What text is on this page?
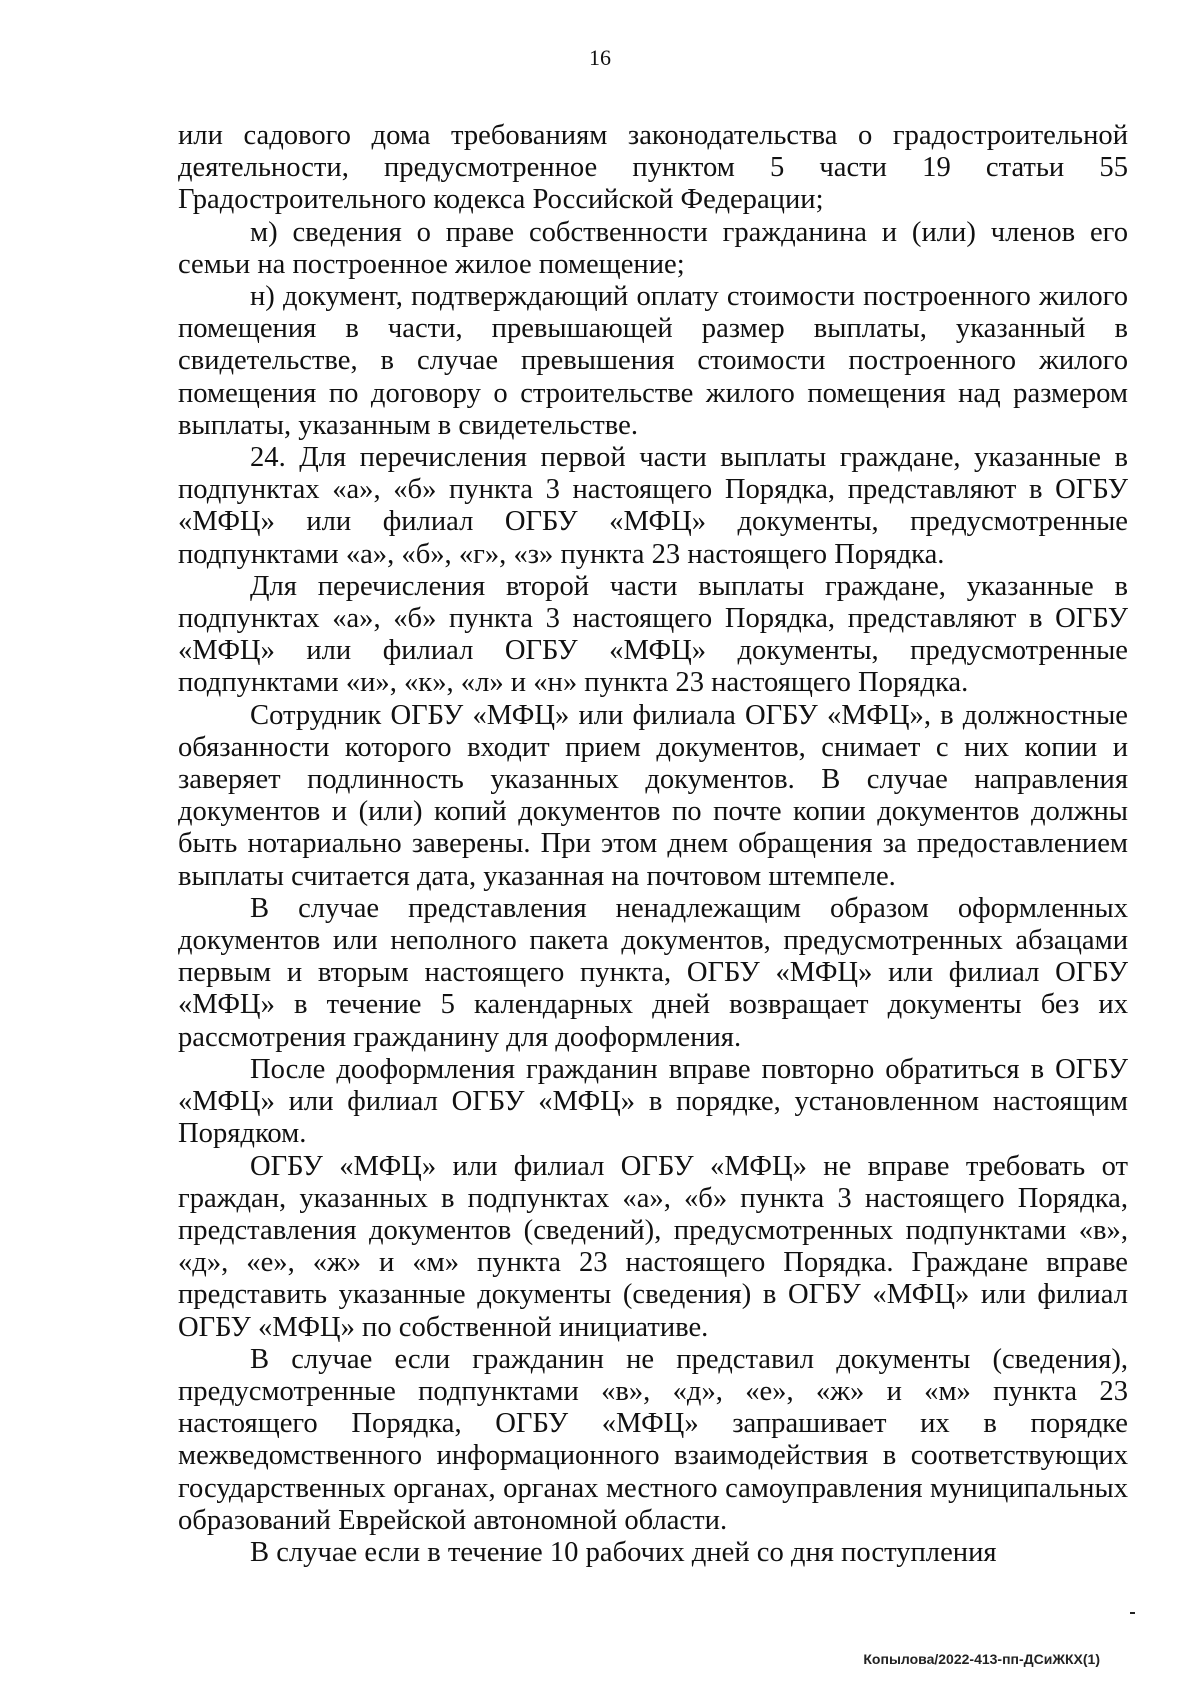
16

или садового дома требованиям законодательства о градостроительной деятельности, предусмотренное пунктом 5 части 19 статьи 55 Градостроительного кодекса Российской Федерации;

м) сведения о праве собственности гражданина и (или) членов его семьи на построенное жилое помещение;

н) документ, подтверждающий оплату стоимости построенного жилого помещения в части, превышающей размер выплаты, указанный в свидетельстве, в случае превышения стоимости построенного жилого помещения по договору о строительстве жилого помещения над размером выплаты, указанным в свидетельстве.

24. Для перечисления первой части выплаты граждане, указанные в подпунктах «а», «б» пункта 3 настоящего Порядка, представляют в ОГБУ «МФЦ» или филиал ОГБУ «МФЦ» документы, предусмотренные подпунктами «а», «б», «г», «з» пункта 23 настоящего Порядка.

Для перечисления второй части выплаты граждане, указанные в подпунктах «а», «б» пункта 3 настоящего Порядка, представляют в ОГБУ «МФЦ» или филиал ОГБУ «МФЦ» документы, предусмотренные подпунктами «и», «к», «л» и «н» пункта 23 настоящего Порядка.

Сотрудник ОГБУ «МФЦ» или филиала ОГБУ «МФЦ», в должностные обязанности которого входит прием документов, снимает с них копии и заверяет подлинность указанных документов. В случае направления документов и (или) копий документов по почте копии документов должны быть нотариально заверены. При этом днем обращения за предоставлением выплаты считается дата, указанная на почтовом штемпеле.

В случае представления ненадлежащим образом оформленных документов или неполного пакета документов, предусмотренных абзацами первым и вторым настоящего пункта, ОГБУ «МФЦ» или филиал ОГБУ «МФЦ» в течение 5 календарных дней возвращает документы без их рассмотрения гражданину для дооформления.

После дооформления гражданин вправе повторно обратиться в ОГБУ «МФЦ» или филиал ОГБУ «МФЦ» в порядке, установленном настоящим Порядком.

ОГБУ «МФЦ» или филиал ОГБУ «МФЦ» не вправе требовать от граждан, указанных в подпунктах «а», «б» пункта 3 настоящего Порядка, представления документов (сведений), предусмотренных подпунктами «в», «д», «е», «ж» и «м» пункта 23 настоящего Порядка. Граждане вправе представить указанные документы (сведения) в ОГБУ «МФЦ» или филиал ОГБУ «МФЦ» по собственной инициативе.

В случае если гражданин не представил документы (сведения), предусмотренные подпунктами «в», «д», «е», «ж» и «м» пункта 23 настоящего Порядка, ОГБУ «МФЦ» запрашивает их в порядке межведомственного информационного взаимодействия в соответствующих государственных органах, органах местного самоуправления муниципальных образований Еврейской автономной области.

В случае если в течение 10 рабочих дней со дня поступления

Копылова/2022-413-пп-ДСиЖКХ(1)
